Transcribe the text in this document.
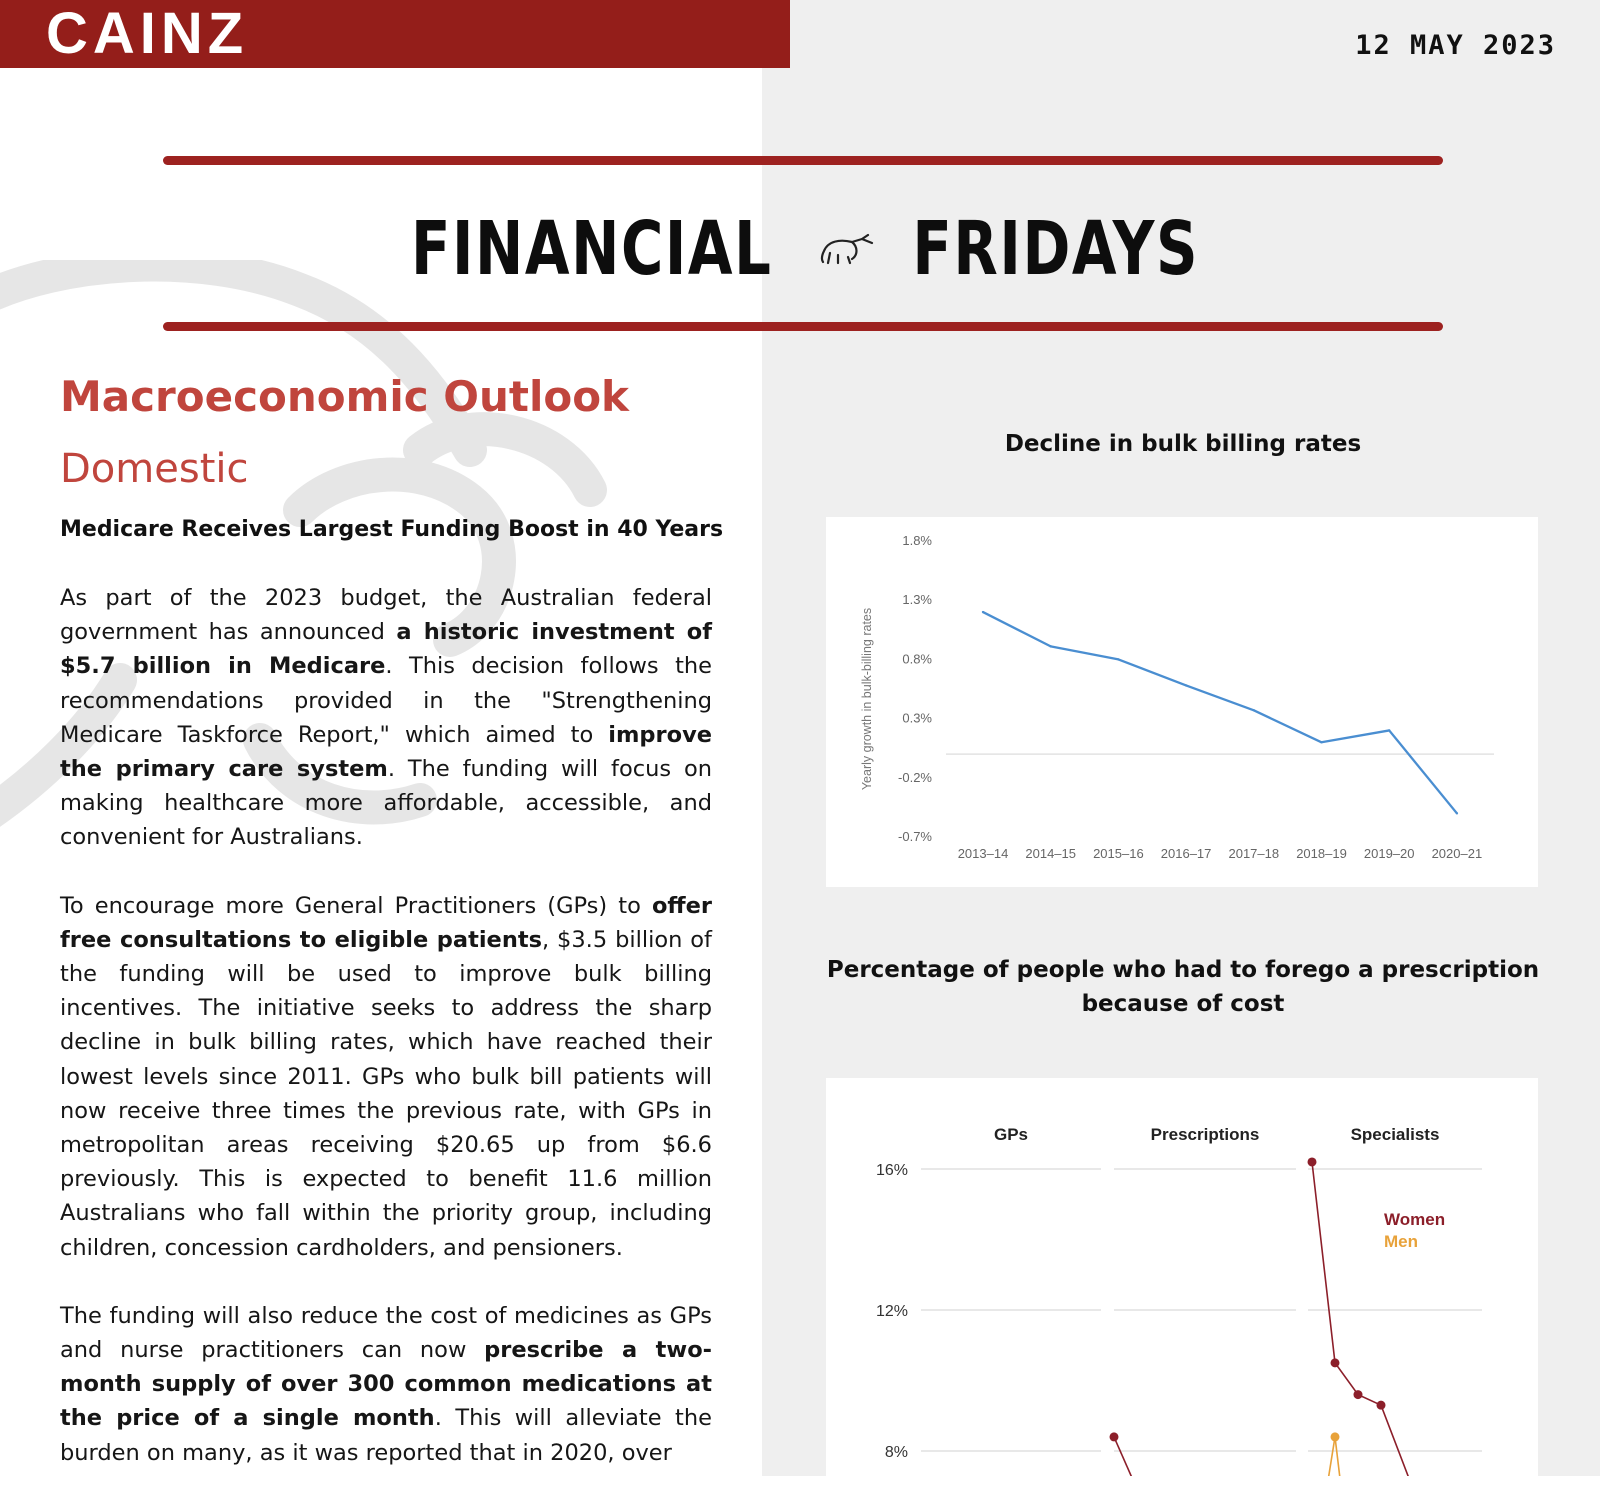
CAINZ	12 MAY 2023
FINANCIAL FRIDAYS
Macroeconomic Outlook
Domestic
Medicare Receives Largest Funding Boost in 40 Years

As part of the 2023 budget, the Australian federal government has announced a historic investment of $5.7 billion in Medicare. This decision follows the recommendations provided in the "Strengthening Medicare Taskforce Report," which aimed to improve the primary care system. The funding will focus on making healthcare more affordable, accessible, and convenient for Australians.

To encourage more General Practitioners (GPs) to offer free consultations to eligible patients, $3.5 billion of the funding will be used to improve bulk billing incentives. The initiative seeks to address the sharp decline in bulk billing rates, which have reached their lowest levels since 2011. GPs who bulk bill patients will now receive three times the previous rate, with GPs in metropolitan areas receiving $20.65 up from $6.6 previously. This is expected to benefit 11.6 million Australians who fall within the priority group, including children, concession cardholders, and pensioners.

The funding will also reduce the cost of medicines as GPs and nurse practitioners can now prescribe a two-month supply of over 300 common medications at the price of a single month. This will alleviate the burden on many, as it was reported that in 2020, over

Decline in bulk billing rates
Yearly growth in bulk-billing rates
1.8%
1.3%
0.8%
0.3%
-0.2%
-0.7%
2013–14 2014–15 2015–16 2016–17 2017–18 2018–19 2019–20 2020–21
Percentage of people who had to forego a prescription because of cost
GPs	Prescriptions	Specialists
16%
12%
8%
Women
Men
